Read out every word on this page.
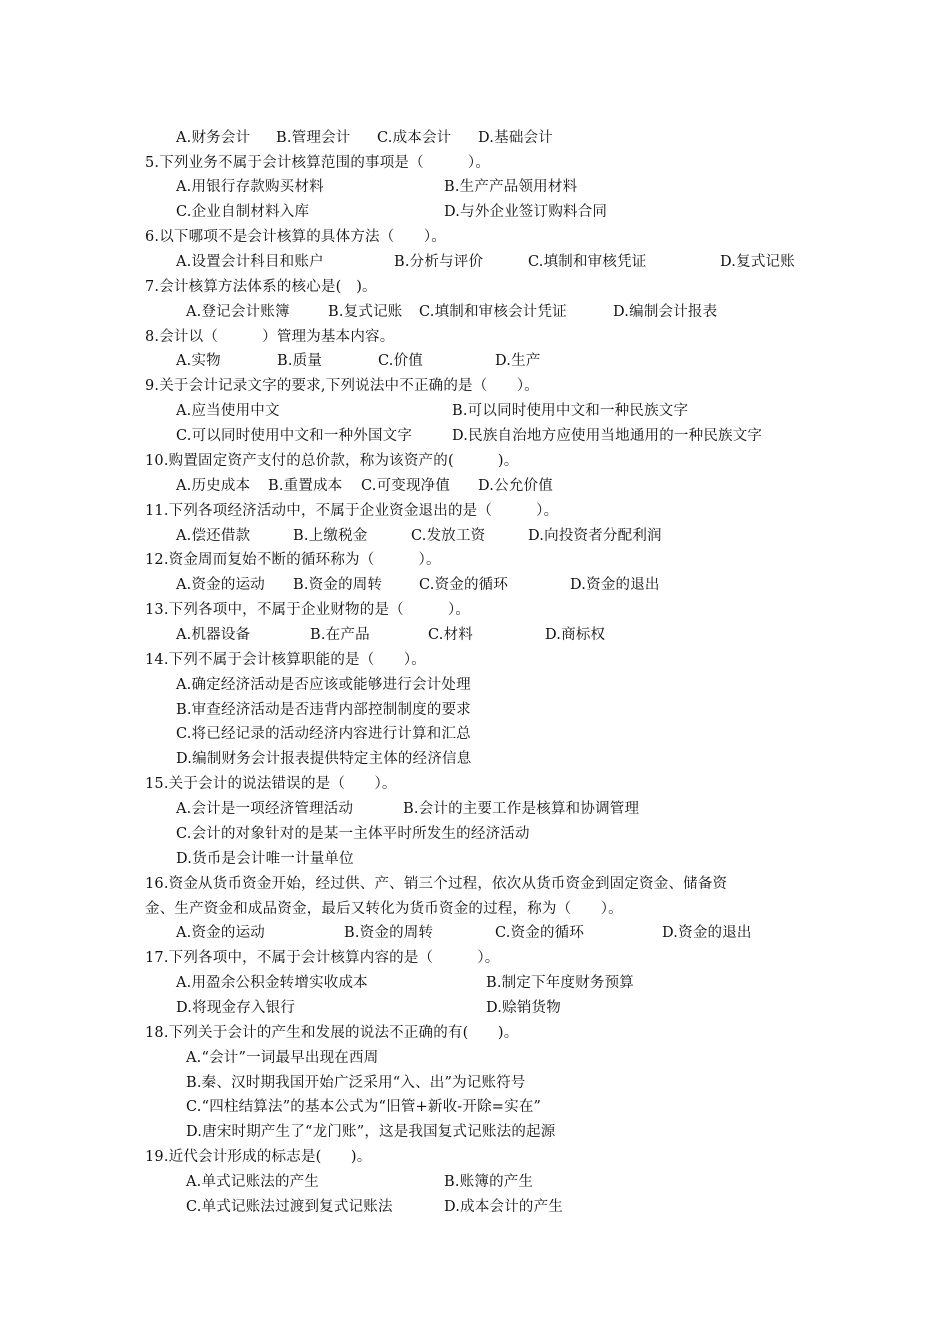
A.财务会计 B.管理会计 C.成本会计 D.基础会计
5.下列业务不属于会计核算范围的事项是（　　　）。
A.用银行存款购买材料	B.生产产品领用材料
C.企业自制材料入库	D.与外企业签订购料合同
6.以下哪项不是会计核算的具体方法（　　）。
A.设置会计科目和账户	B.分析与评价	C.填制和审核凭证	D.复式记账
7.会计核算方法体系的核心是(　)。
A.登记会计账簿	B.复式记账 C.填制和审核会计凭证	D.编制会计报表
8.会计以（　　　）管理为基本内容。
A.实物	B.质量	C.价值	D.生产
9.关于会计记录文字的要求,下列说法中不正确的是（　　）。
A.应当使用中文	B.可以同时使用中文和一种民族文字
C.可以同时使用中文和一种外国文字	D.民族自治地方应使用当地通用的一种民族文字
10.购置固定资产支付的总价款，称为该资产的(　　　)。
A.历史成本 B.重置成本 C.可变现净值 D.公允价值
11.下列各项经济活动中，不属于企业资金退出的是（　　　）。
A.偿还借款	B.上缴税金	C.发放工资	D.向投资者分配利润
12.资金周而复始不断的循环称为（　　　）。
A.资金的运动 B.资金的周转	C.资金的循环	D.资金的退出
13.下列各项中，不属于企业财物的是（　　　）。
A.机器设备	B.在产品	C.材料	D.商标权
14.下列不属于会计核算职能的是（　　）。
A.确定经济活动是否应该或能够进行会计处理
B.审查经济活动是否违背内部控制制度的要求
C.将已经记录的活动经济内容进行计算和汇总
D.编制财务会计报表提供特定主体的经济信息
15.关于会计的说法错误的是（　　）。
A.会计是一项经济管理活动	B.会计的主要工作是核算和协调管理
C.会计的对象针对的是某一主体平时所发生的经济活动
D.货币是会计唯一计量单位
16.资金从货币资金开始，经过供、产、销三个过程，依次从货币资金到固定资金、储备资
金、生产资金和成品资金，最后又转化为货币资金的过程，称为（　　）。
A.资金的运动	B.资金的周转	C.资金的循环	D.资金的退出
17.下列各项中，不属于会计核算内容的是（　　　）。
A.用盈余公积金转增实收成本	B.制定下年度财务预算
D.将现金存入银行	D.赊销货物
18.下列关于会计的产生和发展的说法不正确的有(　　)。
A.“会计”一词最早出现在西周
B.秦、汉时期我国开始广泛采用“入、出”为记账符号
C.“四柱结算法”的基本公式为“旧管+新收-开除=实在”
D.唐宋时期产生了“龙门账”，这是我国复式记账法的起源
19.近代会计形成的标志是(　　)。
A.单式记账法的产生	B.账簿的产生
C.单式记账法过渡到复式记账法	D.成本会计的产生
